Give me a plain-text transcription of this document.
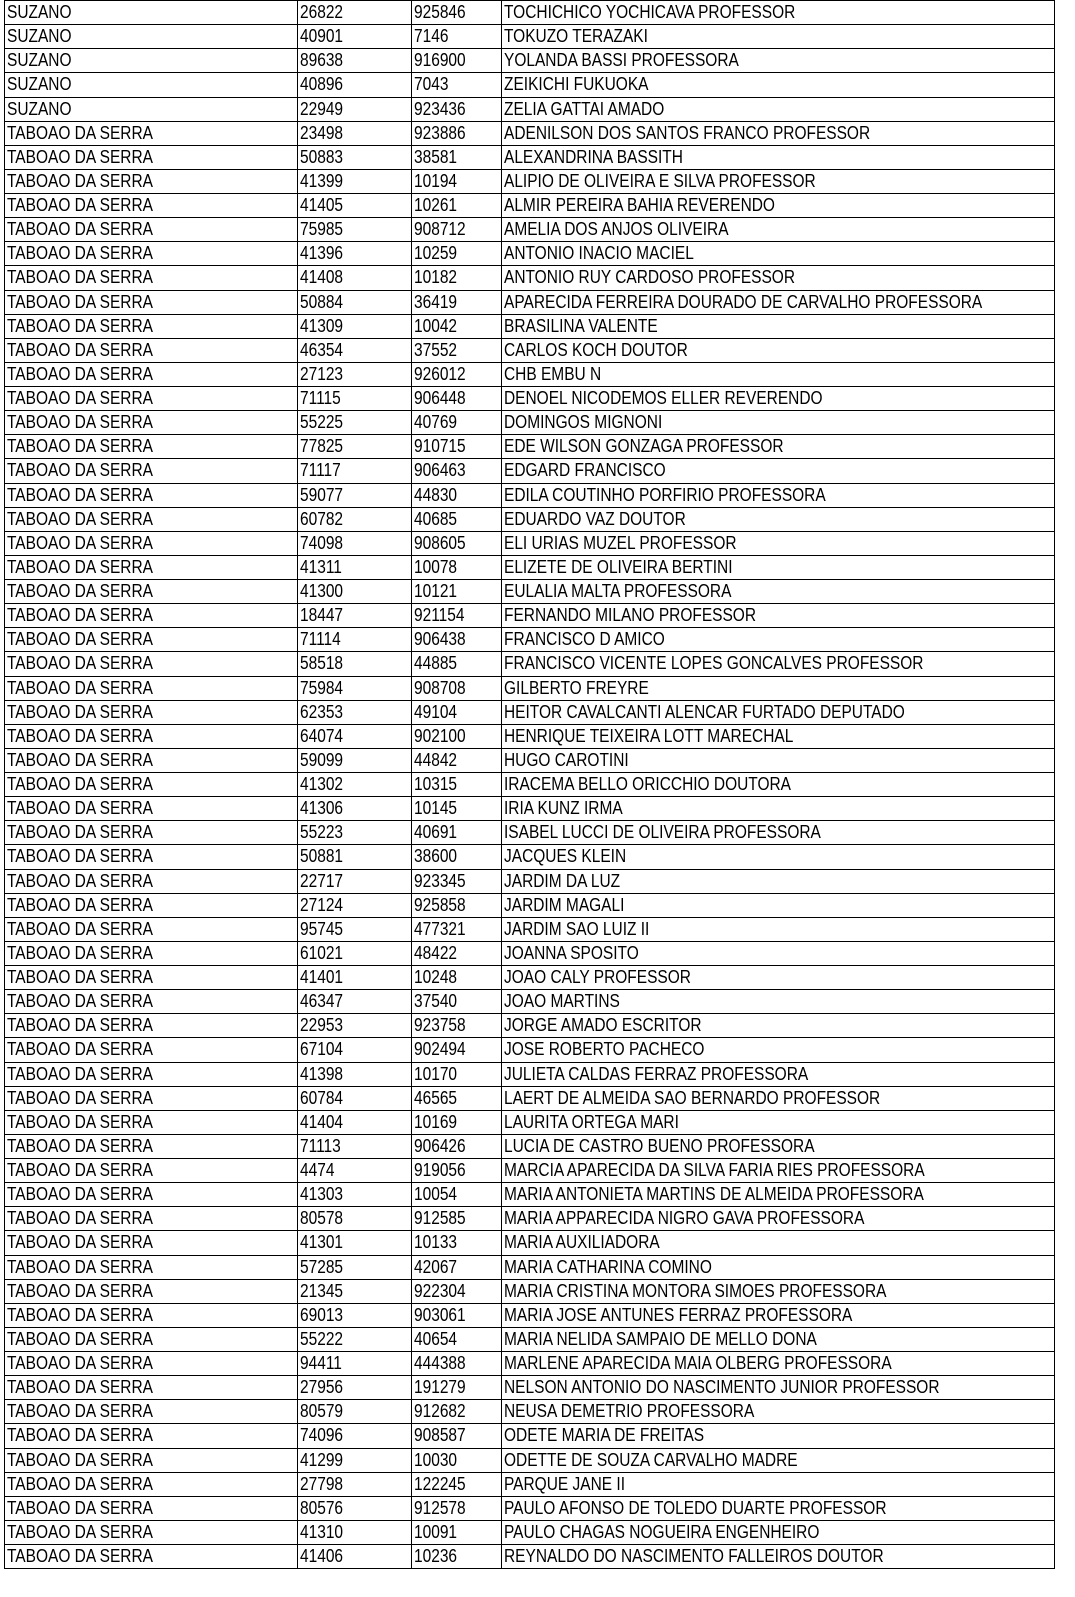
SUZANO	26822	925846	TOCHICHICO YOCHICAVA PROFESSOR
SUZANO	40901	7146	TOKUZO TERAZAKI
SUZANO	89638	916900	YOLANDA BASSI PROFESSORA
SUZANO	40896	7043	ZEIKICHI FUKUOKA
SUZANO	22949	923436	ZELIA GATTAI AMADO
TABOAO DA SERRA	23498	923886	ADENILSON DOS SANTOS FRANCO PROFESSOR
TABOAO DA SERRA	50883	38581	ALEXANDRINA BASSITH
TABOAO DA SERRA	41399	10194	ALIPIO DE OLIVEIRA E SILVA PROFESSOR
TABOAO DA SERRA	41405	10261	ALMIR PEREIRA BAHIA REVERENDO
TABOAO DA SERRA	75985	908712	AMELIA DOS ANJOS OLIVEIRA
TABOAO DA SERRA	41396	10259	ANTONIO INACIO MACIEL
TABOAO DA SERRA	41408	10182	ANTONIO RUY CARDOSO PROFESSOR
TABOAO DA SERRA	50884	36419	APARECIDA FERREIRA DOURADO DE CARVALHO PROFESSORA
TABOAO DA SERRA	41309	10042	BRASILINA VALENTE
TABOAO DA SERRA	46354	37552	CARLOS KOCH DOUTOR
TABOAO DA SERRA	27123	926012	CHB EMBU N
TABOAO DA SERRA	71115	906448	DENOEL NICODEMOS ELLER REVERENDO
TABOAO DA SERRA	55225	40769	DOMINGOS MIGNONI
TABOAO DA SERRA	77825	910715	EDE WILSON GONZAGA PROFESSOR
TABOAO DA SERRA	71117	906463	EDGARD FRANCISCO
TABOAO DA SERRA	59077	44830	EDILA COUTINHO PORFIRIO PROFESSORA
TABOAO DA SERRA	60782	40685	EDUARDO VAZ DOUTOR
TABOAO DA SERRA	74098	908605	ELI URIAS MUZEL PROFESSOR
TABOAO DA SERRA	41311	10078	ELIZETE DE OLIVEIRA BERTINI
TABOAO DA SERRA	41300	10121	EULALIA MALTA PROFESSORA
TABOAO DA SERRA	18447	921154	FERNANDO MILANO PROFESSOR
TABOAO DA SERRA	71114	906438	FRANCISCO D AMICO
TABOAO DA SERRA	58518	44885	FRANCISCO VICENTE LOPES GONCALVES PROFESSOR
TABOAO DA SERRA	75984	908708	GILBERTO FREYRE
TABOAO DA SERRA	62353	49104	HEITOR CAVALCANTI ALENCAR FURTADO DEPUTADO
TABOAO DA SERRA	64074	902100	HENRIQUE TEIXEIRA LOTT MARECHAL
TABOAO DA SERRA	59099	44842	HUGO CAROTINI
TABOAO DA SERRA	41302	10315	IRACEMA BELLO ORICCHIO DOUTORA
TABOAO DA SERRA	41306	10145	IRIA KUNZ IRMA
TABOAO DA SERRA	55223	40691	ISABEL LUCCI DE OLIVEIRA PROFESSORA
TABOAO DA SERRA	50881	38600	JACQUES KLEIN
TABOAO DA SERRA	22717	923345	JARDIM DA LUZ
TABOAO DA SERRA	27124	925858	JARDIM MAGALI
TABOAO DA SERRA	95745	477321	JARDIM SAO LUIZ II
TABOAO DA SERRA	61021	48422	JOANNA SPOSITO
TABOAO DA SERRA	41401	10248	JOAO CALY PROFESSOR
TABOAO DA SERRA	46347	37540	JOAO MARTINS
TABOAO DA SERRA	22953	923758	JORGE AMADO ESCRITOR
TABOAO DA SERRA	67104	902494	JOSE ROBERTO PACHECO
TABOAO DA SERRA	41398	10170	JULIETA CALDAS FERRAZ PROFESSORA
TABOAO DA SERRA	60784	46565	LAERT DE ALMEIDA SAO BERNARDO PROFESSOR
TABOAO DA SERRA	41404	10169	LAURITA ORTEGA MARI
TABOAO DA SERRA	71113	906426	LUCIA DE CASTRO BUENO PROFESSORA
TABOAO DA SERRA	4474	919056	MARCIA APARECIDA DA SILVA FARIA RIES PROFESSORA
TABOAO DA SERRA	41303	10054	MARIA ANTONIETA MARTINS DE ALMEIDA PROFESSORA
TABOAO DA SERRA	80578	912585	MARIA APPARECIDA NIGRO GAVA PROFESSORA
TABOAO DA SERRA	41301	10133	MARIA AUXILIADORA
TABOAO DA SERRA	57285	42067	MARIA CATHARINA COMINO
TABOAO DA SERRA	21345	922304	MARIA CRISTINA MONTORA SIMOES PROFESSORA
TABOAO DA SERRA	69013	903061	MARIA JOSE ANTUNES FERRAZ PROFESSORA
TABOAO DA SERRA	55222	40654	MARIA NELIDA SAMPAIO DE MELLO DONA
TABOAO DA SERRA	94411	444388	MARLENE APARECIDA MAIA OLBERG PROFESSORA
TABOAO DA SERRA	27956	191279	NELSON ANTONIO DO NASCIMENTO JUNIOR PROFESSOR
TABOAO DA SERRA	80579	912682	NEUSA DEMETRIO PROFESSORA
TABOAO DA SERRA	74096	908587	ODETE MARIA DE FREITAS
TABOAO DA SERRA	41299	10030	ODETTE DE SOUZA CARVALHO MADRE
TABOAO DA SERRA	27798	122245	PARQUE JANE II
TABOAO DA SERRA	80576	912578	PAULO AFONSO DE TOLEDO DUARTE PROFESSOR
TABOAO DA SERRA	41310	10091	PAULO CHAGAS NOGUEIRA ENGENHEIRO
TABOAO DA SERRA	41406	10236	REYNALDO DO NASCIMENTO FALLEIROS DOUTOR
